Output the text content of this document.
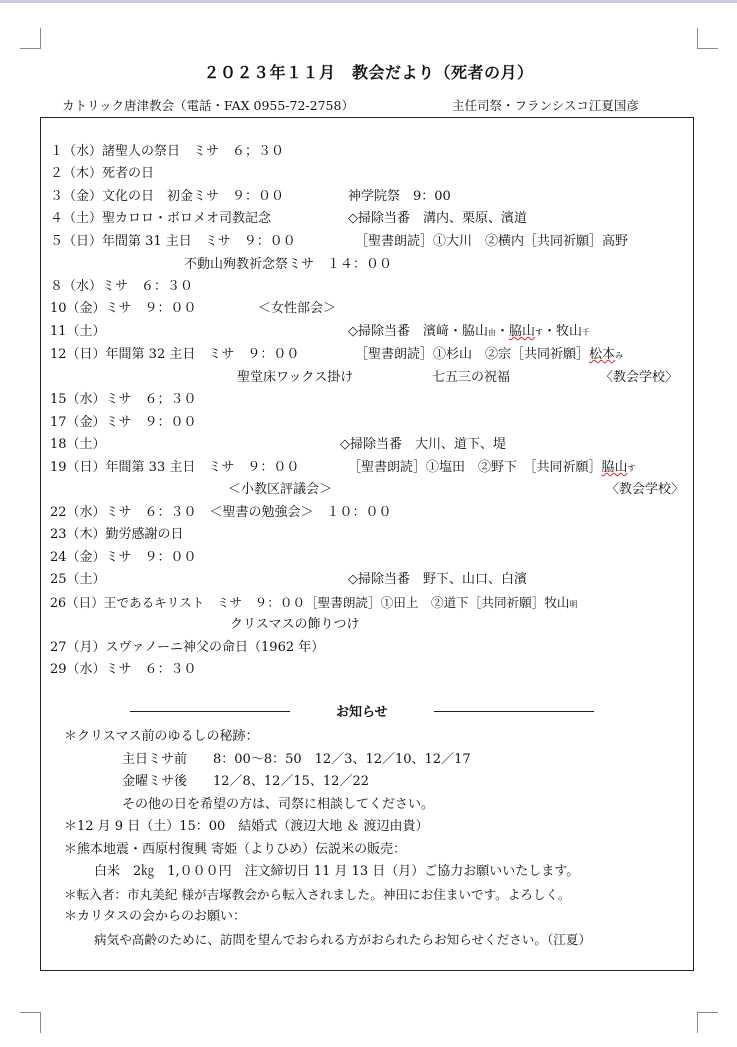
２０２３年１１月　教会だより（死者の月）
カトリック唐津教会（電話・FAX 0955-72-2758）	主任司祭・フランシスコ江夏国彦
１（水）諸聖人の祭日　ミサ　６；３０
２（木）死者の日
３（金）文化の日　初金ミサ　９：００	神学院祭　9：00
４（土）聖カロロ・ボロメオ司教記念	◇掃除当番　溝内、栗原、濱道
５（日）年間第 31 主日　ミサ　９：００	［聖書朗読］①大川　②横内［共同祈願］高野
不動山殉教祈念祭ミサ　１４：００
８（水）ミサ　６：３０
10（金）ミサ　９：００	＜女性部会＞
11（土）	◇掃除当番　濱﨑・脇山由・脇山す・牧山千
12（日）年間第 32 主日　ミサ　９：００	［聖書朗読］①杉山　②宗［共同祈願］松本み
聖堂床ワックス掛け	七五三の祝福	〈教会学校〉
15（水）ミサ　６；３０
17（金）ミサ　９：００
18（土）	◇掃除当番　大川、道下、堤
19（日）年間第 33 主日　ミサ　９：００	［聖書朗読］①塩田　②野下　［共同祈願］脇山す
＜小教区評議会＞	〈教会学校〉
22（水）ミサ　６：３０　＜聖書の勉強会＞　１０：００
23（木）勤労感謝の日
24（金）ミサ　９：００
25（土）	◇掃除当番　野下、山口、白濱
26（日）王であるキリスト　ミサ　９：００［聖書朗読］①田上　②道下［共同祈願］牧山明
クリスマスの飾りつけ
27（月）スヴァノーニ神父の命日（1962 年）
29（水）ミサ　６：３０
お知らせ
＊クリスマス前のゆるしの秘跡：
主日ミサ前　　8：00～8：50　12／3、12／10、12／17
金曜ミサ後　　12／8、12／15、12／22
その他の日を希望の方は、司祭に相談してください。
＊12 月 9 日（土）15：00　結婚式（渡辺大地 ＆ 渡辺由貴）
＊熊本地震・西原村復興 寄姫（よりひめ）伝説米の販売：
白米　2㎏　1,０００円　注文締切日 11 月 13 日（月）ご協力お願いいたします。
＊転入者：市丸美紀 様が吉塚教会から転入されました。神田にお住まいです。よろしく。
＊カリタスの会からのお願い：
病気や高齢のために、訪問を望んでおられる方がおられたらお知らせください。（江夏）
